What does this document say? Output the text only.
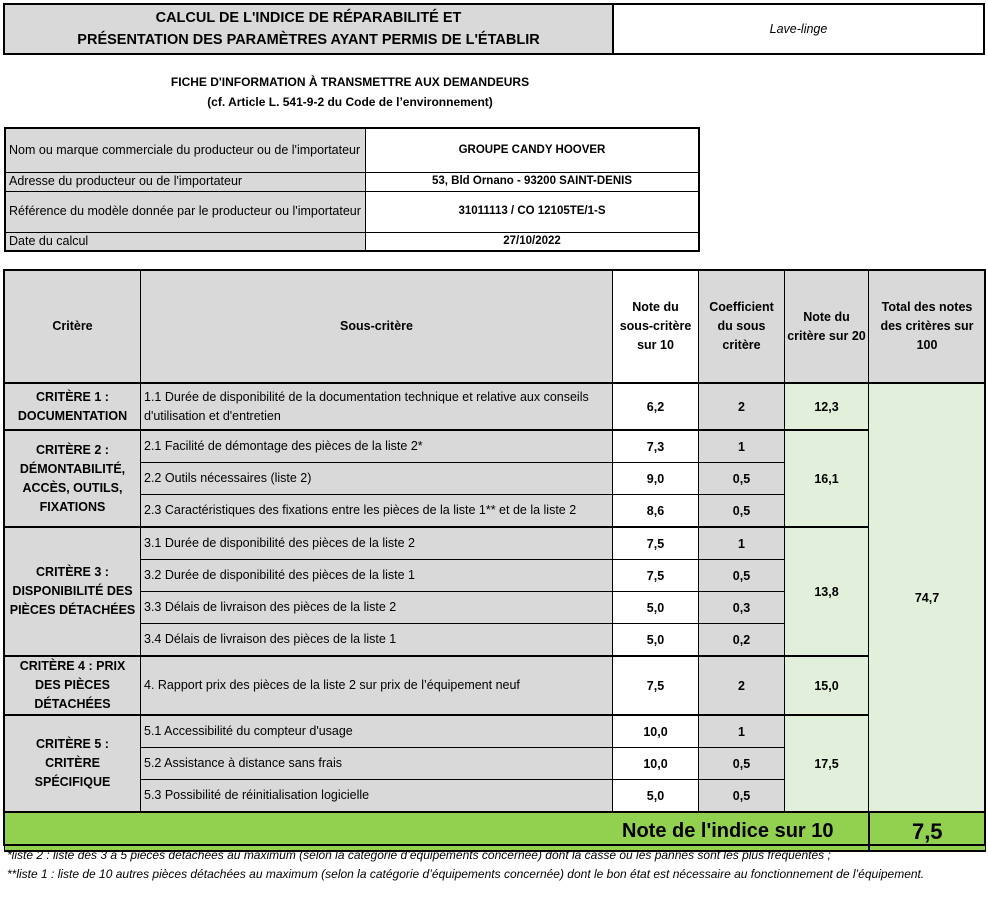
CALCUL DE L'INDICE DE RÉPARABILITÉ ET
PRÉSENTATION DES PARAMÈTRES AYANT PERMIS DE L'ÉTABLIR
Lave-linge
FICHE D'INFORMATION À TRANSMETTRE AUX DEMANDEURS
(cf. Article L. 541-9-2 du Code de l’environnement)
Nom ou marque commerciale du producteur ou de l'importateur	GROUPE CANDY HOOVER
Adresse du producteur ou de l'importateur	53, Bld Ornano - 93200 SAINT-DENIS
Référence du modèle donnée par le producteur ou l'importateur	31011113 / CO 12105TE/1-S
Date du calcul	27/10/2022
Critère	Sous-critère	Note du sous-critère sur 10	Coefficient du sous critère	Note du critère sur 20	Total des notes des critères sur 100
CRITÈRE 1 : DOCUMENTATION	1.1 Durée de disponibilité de la documentation technique et relative aux conseils d'utilisation et d'entretien	6,2	2	12,3	74,7
CRITÈRE 2 : DÉMONTABILITÉ, ACCÈS, OUTILS, FIXATIONS	2.1 Facilité de démontage des pièces de la liste 2*	7,3	1	16,1	
	2.2 Outils nécessaires (liste 2)	9,0	0,5		
	2.3 Caractéristiques des fixations entre les pièces de la liste 1** et de la liste 2	8,6	0,5		
CRITÈRE 3 : DISPONIBILITÉ DES PIÈCES DÉTACHÉES	3.1 Durée de disponibilité des pièces de la liste 2	7,5	1	13,8	
	3.2 Durée de disponibilité des pièces de la liste 1	7,5	0,5		
	3.3 Délais de livraison des pièces de la liste 2	5,0	0,3		
	3.4 Délais de livraison des pièces de la liste 1	5,0	0,2		
CRITÈRE 4 : PRIX DES PIÈCES DÉTACHÉES	4. Rapport prix des pièces de la liste 2 sur prix de l’équipement neuf	7,5	2	15,0	
CRITÈRE 5 : CRITÈRE SPÉCIFIQUE	5.1 Accessibilité du compteur d'usage	10,0	1	17,5	
	5.2 Assistance à distance sans frais	10,0	0,5		
	5.3 Possibilité de réinitialisation logicielle	5,0	0,5		
Note de l'indice sur 10					7,5
*liste 2 : liste des 3 à 5 pièces détachées au maximum (selon la catégorie d’équipements concernée) dont la casse ou les pannes sont les plus fréquentes ;
**liste 1 : liste de 10 autres pièces détachées au maximum (selon la catégorie d’équipements concernée) dont le bon état est nécessaire au fonctionnement de l’équipement.
